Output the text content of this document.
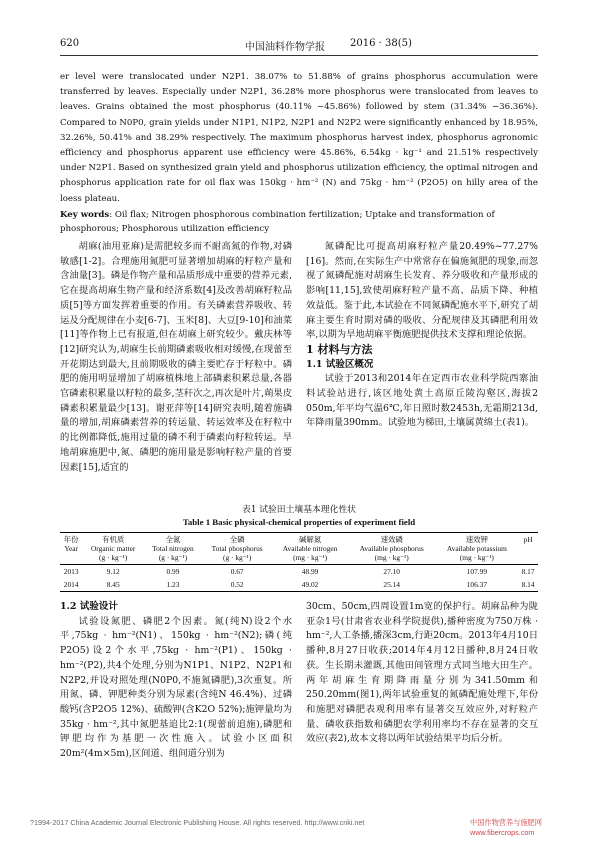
620	中国油料作物学报	2016 · 38(5)

er level were translocated under N2P1. 38.07% to 51.88% of grains phosphorus accumulation were transferred by leaves. Especially under N2P1, 36.28% more phosphorus were translocated from leaves to leaves. Grains obtained the most phosphorus (40.11% −45.86%) followed by stem (31.34% −36.36%). Compared to N0P0, grain yields under N1P1, N1P2, N2P1 and N2P2 were significantly enhanced by 18.95%, 32.26%, 50.41% and 38.29% respectively. The maximum phosphorus harvest index, phosphorus agronomic efficiency and phosphorus apparent use efficiency were 45.86%, 6.54kg · kg⁻¹ and 21.51% respectively under N2P1. Based on synthesized grain yield and phosphorus utilization efficiency, the optimal nitrogen and phosphorus application rate for oil flax was 150kg · hm⁻² (N) and 75kg · hm⁻² (P2O5) on hilly area of the loess plateau.

Key words: Oil flax; Nitrogen phosphorous combination fertilization; Uptake and transformation of phosphorous; Phosphorous utilization efficiency

胡麻(油用亚麻)是需肥较多而不耐高氮的作物,对磷敏感[1-2]。合理施用氮肥可显著增加胡麻的籽粒产量和含油量[3]。磷是作物产量和品质形成中重要的营养元素,它在提高胡麻生物产量和经济系数[4]及改善胡麻籽粒品质[5]等方面发挥着重要的作用。有关磷素营养吸收、转运及分配规律在小麦[6-7]、玉米[8]、大豆[9-10]和油菜[11]等作物上已有报道,但在胡麻上研究较少。戴庆林等[12]研究认为,胡麻生长前期磷素吸收相对缓慢,在现蕾至开花期达到最大,且前期吸收的磷主要贮存于籽粒中。磷肥的施用明显增加了胡麻植株地上部磷素积累总量,各器官磷素积累量以籽粒的最多,茎秆次之,再次是叶片,蒴果皮磷素积累量最少[13]。谢亚萍等[14]研究表明,随着施磷量的增加,胡麻磷素营养的转运量、转运效率及在籽粒中的比例都降低,施用过量的磷不利于磷素向籽粒转运。旱地胡麻施肥中,氮、磷肥的施用量是影响籽粒产量的首要因素[15],适宜的

氮磷配比可提高胡麻籽粒产量20.49%~77.27%[16]。然而,在实际生产中常常存在偏施氮肥的现象,而忽视了氮磷配施对胡麻生长发育、养分吸收和产量形成的影响[11,15],致使胡麻籽粒产量不高、品质下降、种植效益低。鉴于此,本试验在不同氮磷配施水平下,研究了胡麻主要生育时期对磷的吸收、分配规律及其磷肥利用效率,以期为旱地胡麻平衡施肥提供技术支撑和理论依据。

1 材料与方法

1.1 试验区概况

试验于2013和2014年在定西市农业科学院西寨油料试验站进行,该区地处黄土高原丘陵沟壑区,海拔2 050m,年平均气温6℃,年日照时数2453h,无霜期213d,年降雨量390mm。试验地为梯田,土壤属黄绵土(表1)。

表1 试验田土壤基本理化性状
Table 1 Basic physical-chemical properties of experiment field
年份
Year	有机质
Organic matter
(g · kg⁻¹)	全氮
Total nitrogen
(g · kg⁻¹)	全磷
Total phosphorus
(g · kg⁻¹)	碱解氮
Available nitrogen
(mg · kg⁻¹)	速效磷
Available phosphorus
(mg · kg⁻¹)	速效钾
Available potassium
(mg · kg⁻¹)	pH
2013	9.12	0.99	0.67	48.99	27.10	107.99	8.17
2014	8.45	1.23	0.52	49.02	25.14	106.37	8.14

1.2 试验设计

试验设氮肥、磷肥2个因素。氮(纯N)设2个水平,75kg · hm⁻²(N1)、150kg · hm⁻²(N2);磷(纯P2O5)设2个水平,75kg · hm⁻²(P1)、150kg · hm⁻²(P2),共4个处理,分别为N1P1、N1P2、N2P1和N2P2,并设对照处理(N0P0,不施氮磷肥),3次重复。所用氮、磷、钾肥种类分别为尿素(含纯N 46.4%)、过磷酸钙(含P2O5 12%)、硫酸钾(含K2O 52%);施钾量均为35kg · hm⁻²,其中氮肥基追比2:1(现蕾前追施),磷肥和钾肥均作为基肥一次性施入。试验小区面积20m²(4m×5m),区间道、组间道分别为

30cm、50cm,四周设置1m宽的保护行。胡麻品种为陇亚杂1号(甘肃省农业科学院提供),播种密度为750万株 · hm⁻²,人工条播,播深3cm,行距20cm。2013年4月10日播种,8月27日收获;2014年4月12日播种,8月24日收获。生长期未灌溉,其他田间管理方式同当地大田生产。两年胡麻生育期降雨量分别为341.50mm和250.20mm(图1),两年试验重复的氮磷配施处理下,年份和施肥对磷肥表观利用率有显著交互效应外,对籽粒产量、磷收获指数和磷肥农学利用率均不存在显著的交互效应(表2),故本文将以两年试验结果平均后分析。

?1994-2017 China Academic Journal Electronic Publishing House. All rights reserved. http://www.cnki.net	中国作物营养与施肥网 www.fibercrops.com
